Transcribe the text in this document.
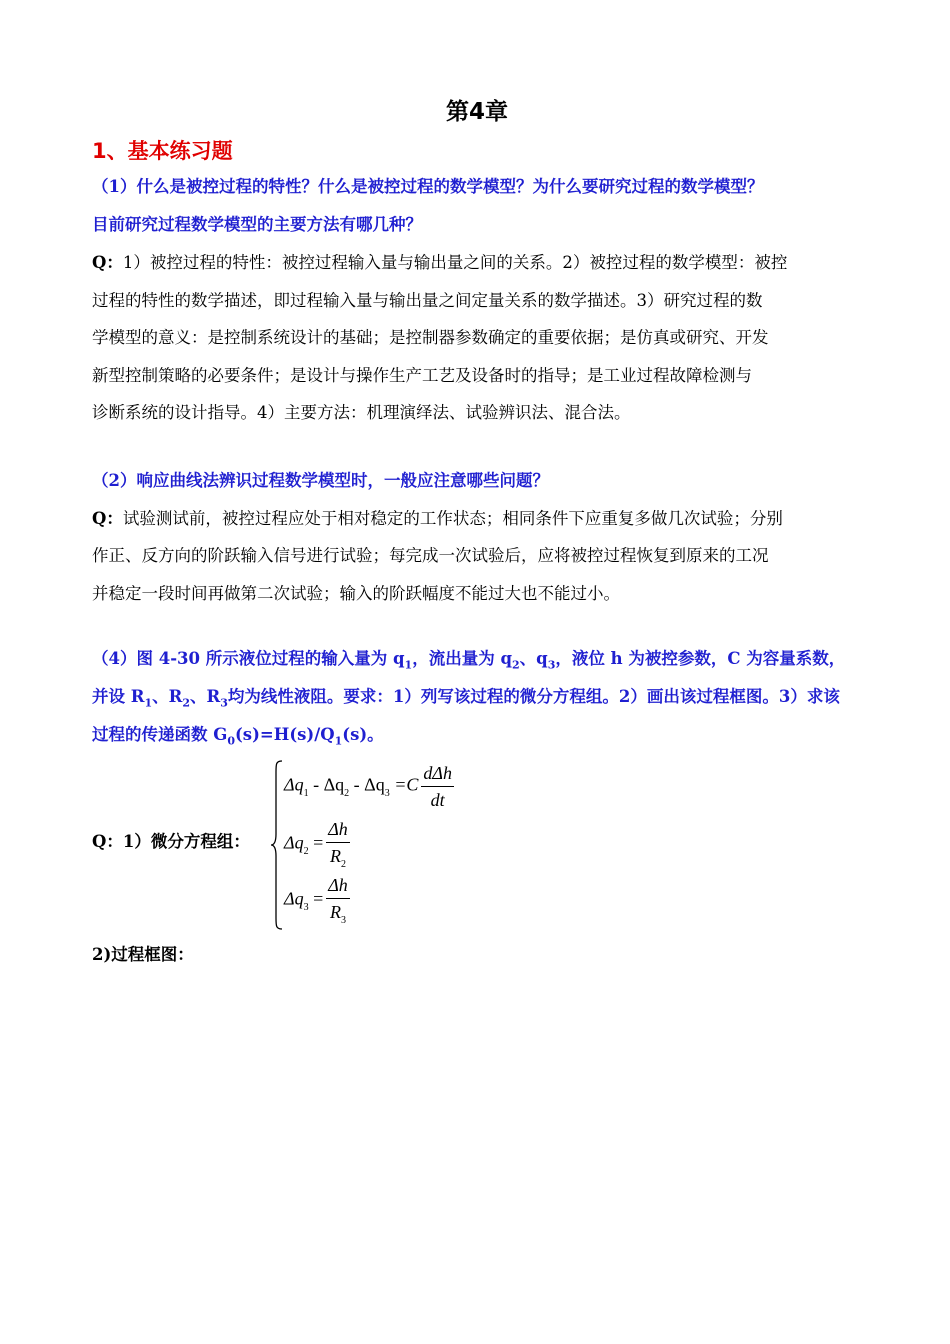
第4章
1、基本练习题

（1）什么是被控过程的特性？什么是被控过程的数学模型？为什么要研究过程的数学模型？

目前研究过程数学模型的主要方法有哪几种？

Q：1）被控过程的特性：被控过程输入量与输出量之间的关系。2）被控过程的数学模型：被控

过程的特性的数学描述，即过程输入量与输出量之间定量关系的数学描述。3）研究过程的数

学模型的意义：是控制系统设计的基础；是控制器参数确定的重要依据；是仿真或研究、开发

新型控制策略的必要条件；是设计与操作生产工艺及设备时的指导；是工业过程故障检测与

诊断系统的设计指导。4）主要方法：机理演绎法、试验辨识法、混合法。

（2）响应曲线法辨识过程数学模型时，一般应注意哪些问题？

Q：试验测试前，被控过程应处于相对稳定的工作状态；相同条件下应重复多做几次试验；分别

作正、反方向的阶跃输入信号进行试验；每完成一次试验后，应将被控过程恢复到原来的工况

并稳定一段时间再做第二次试验；输入的阶跃幅度不能过大也不能过小。

（4）图 4-30 所示液位过程的输入量为 $q_1$，流出量为 $q_2$、$q_3$，液位 h 为被控参数，C 为容量系数，

并设 $R_1$、$R_2$、$R_3$均为线性液阻。要求：1）列写该过程的微分方程组。2）画出该过程框图。3）求该

过程的传递函数 $G_0(s)=H(s)/Q_1(s)$。

Q：1）微分方程组：
$\Delta q_1 - \Delta q_2 - \Delta q_3 =C \frac{\text{dΔh}}{dt}$
$\Delta q_2 = \frac{\Delta h}{R_2}$
$\Delta q_3 = \frac{\Delta h}{R_3}$
2)过程框图：
